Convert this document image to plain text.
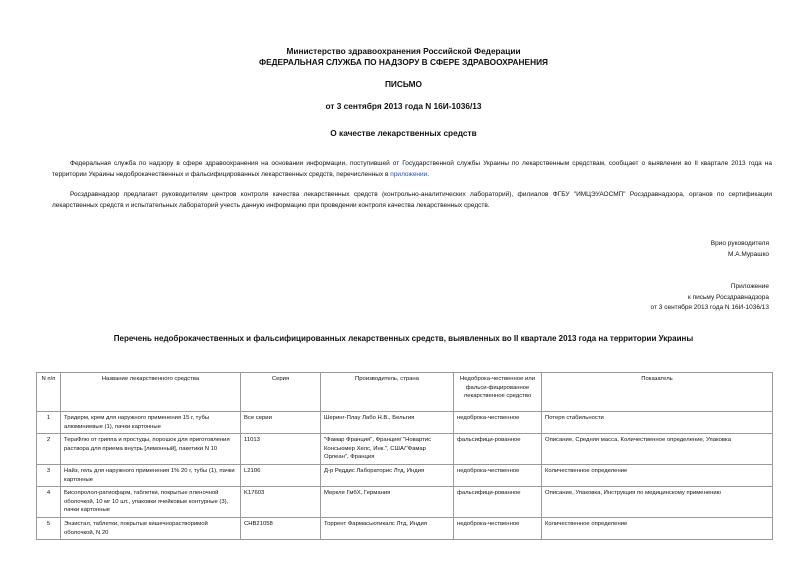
Министерство здравоохранения Российской Федерации
ФЕДЕРАЛЬНАЯ СЛУЖБА ПО НАДЗОРУ В СФЕРЕ ЗДРАВООХРАНЕНИЯ
ПИСЬМО
от 3 сентября 2013 года N 16И-1036/13
О качестве лекарственных средств
Федеральная служба по надзору в сфере здравоохранения на основании информации, поступившей от Государственной службы Украины по лекарственным средствам, сообщает о выявлении во II квартале 2013 года на территории Украины недоброкачественных и фальсифицированных лекарственных средств, перечисленных в приложении.
Росздравнадзор предлагает руководителям центров контроля качества лекарственных средств (контрольно-аналитических лабораторий), филиалов ФГБУ "ИМЦЭУАОСМП" Росздравнадзора, органов по сертификации лекарственных средств и испытательных лабораторий учесть данную информацию при проведении контроля качества лекарственных средств.
Врио руководителя
М.А.Мурашко
Приложение
к письму Росздравнадзора
от 3 сентября 2013 года N 16И-1036/13
Перечень недоброкачественных и фальсифицированных лекарственных средств, выявленных во II квартале 2013 года на территории Украины
N п/п	Название лекарственного средства	Серия	Производитель, страна	Недоброка-чественное или фальси-фицированное лекарственное средство	Показатель
1	Тридерм, крем для наружного применения 15 г, тубы алюминиевые (1), пачки картонные	Все серии	Шеринг-Плау Лабо Н.В., Бельгия	недоброка-чественное	Потеря стабильности
2	ТераФлю от гриппа и простуды, порошок для приготовления раствора для приема внутрь [лимонный], пакетики N 10	11013	"Фамар Франция", Франция/ "Новартис Консьюмер Хелс, Инк.", США/"Фамар Орлеан", Франция	фальсифици-рованное	Описание, Средняя масса, Количественное определение, Упаковка
3	Найз, гель для наружного применения 1% 20 г, тубы (1), пачки картонные	L2106	Д-р Реддис Лабораторис Лтд, Индия	недоброка-чественное	Количественное определение
4	Бисопролол-ратиофарм, таблетки, покрытые пленочной оболочкой, 10 мг 10 шт., упаковки ячейковые контурные (3), пачки картонные	K17603	Меркле ГмбХ, Германия	фальсифици-рованное	Описание, Упаковка, Инструкция по медицинскому применению
5	Энзистал, таблетки, покрытые кишечнорастворимой оболочкой, N 20	CHB21058	Торрент Фармасьютикалс Лтд, Индия	недоброка-чественное	Количественное определение
